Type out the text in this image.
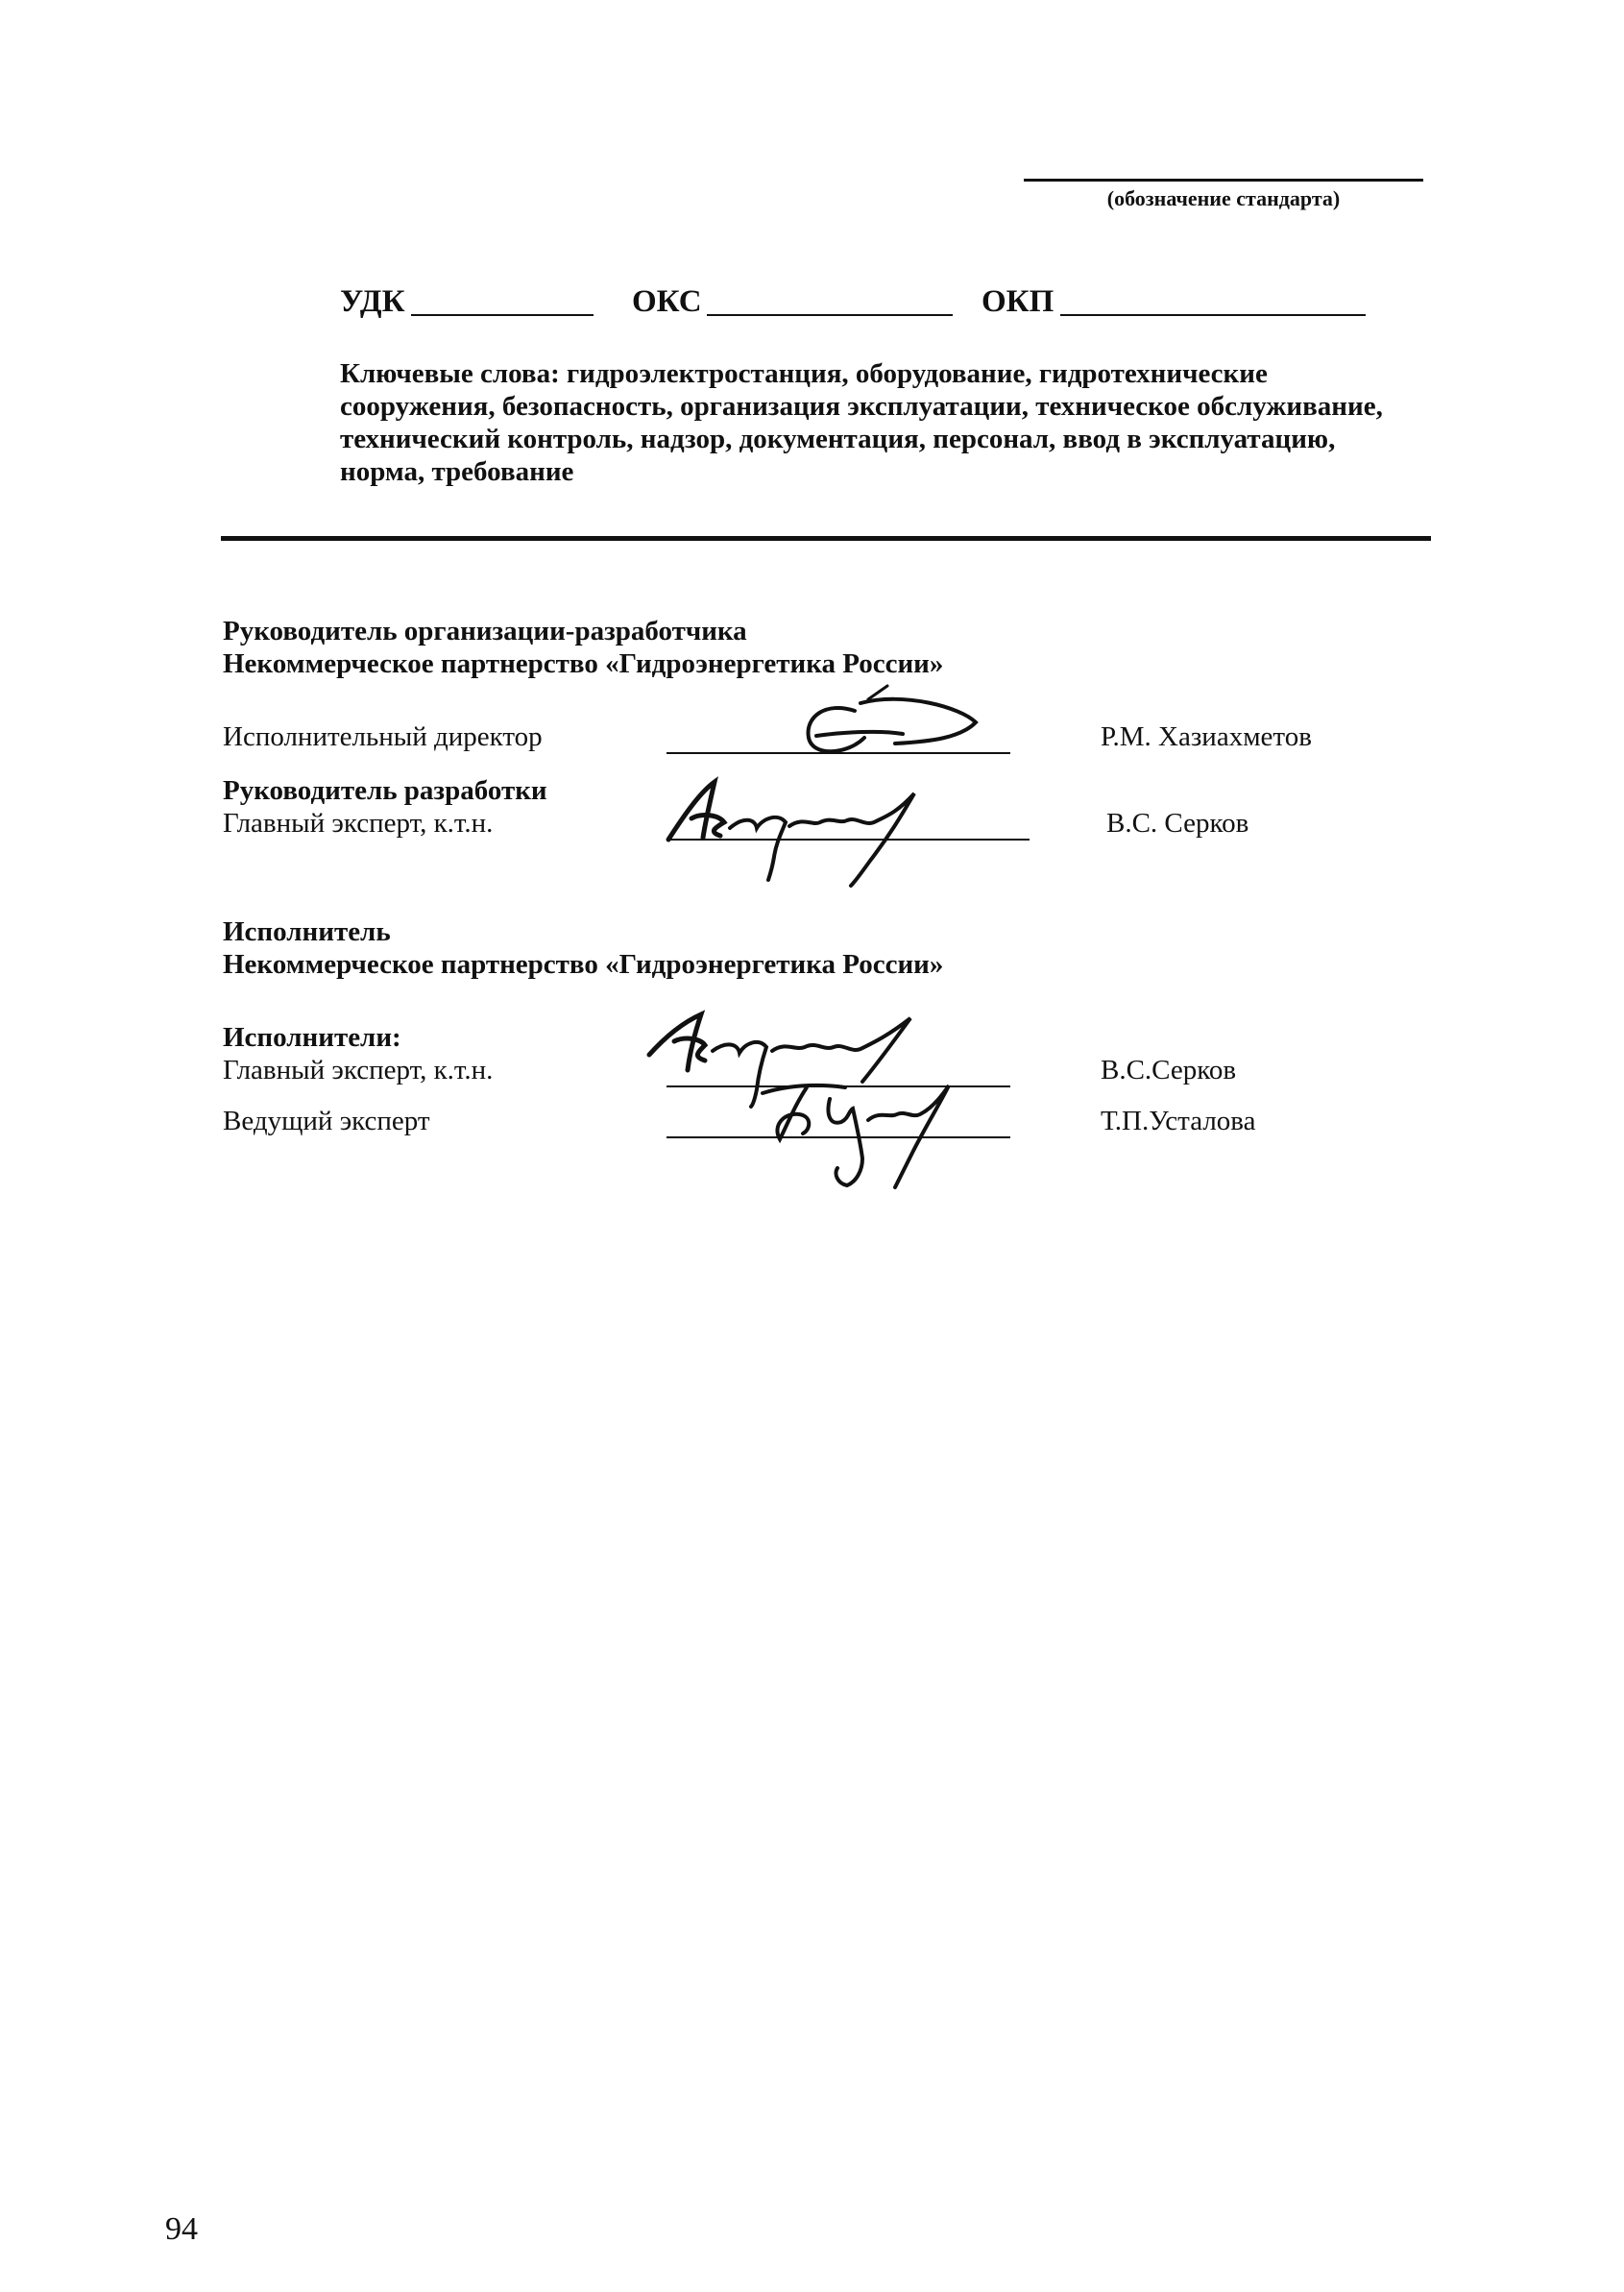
(обозначение стандарта)
УДК	ОКС	ОКП
Ключевые слова: гидроэлектростанция, оборудование, гидротехнические сооружения, безопасность, организация эксплуатации, техническое обслуживание, технический контроль, надзор, документация, персонал, ввод в эксплуатацию, норма, требование
Руководитель организации-разработчика
Некоммерческое партнерство «Гидроэнергетика России»
Исполнительный директор	Р.М. Хазиахметов
Руководитель разработки
Главный эксперт, к.т.н.	В.С. Серков
Исполнитель
Некоммерческое партнерство «Гидроэнергетика России»
Исполнители:
Главный эксперт, к.т.н.	В.С.Серков
Ведущий эксперт	Т.П.Усталова
94
